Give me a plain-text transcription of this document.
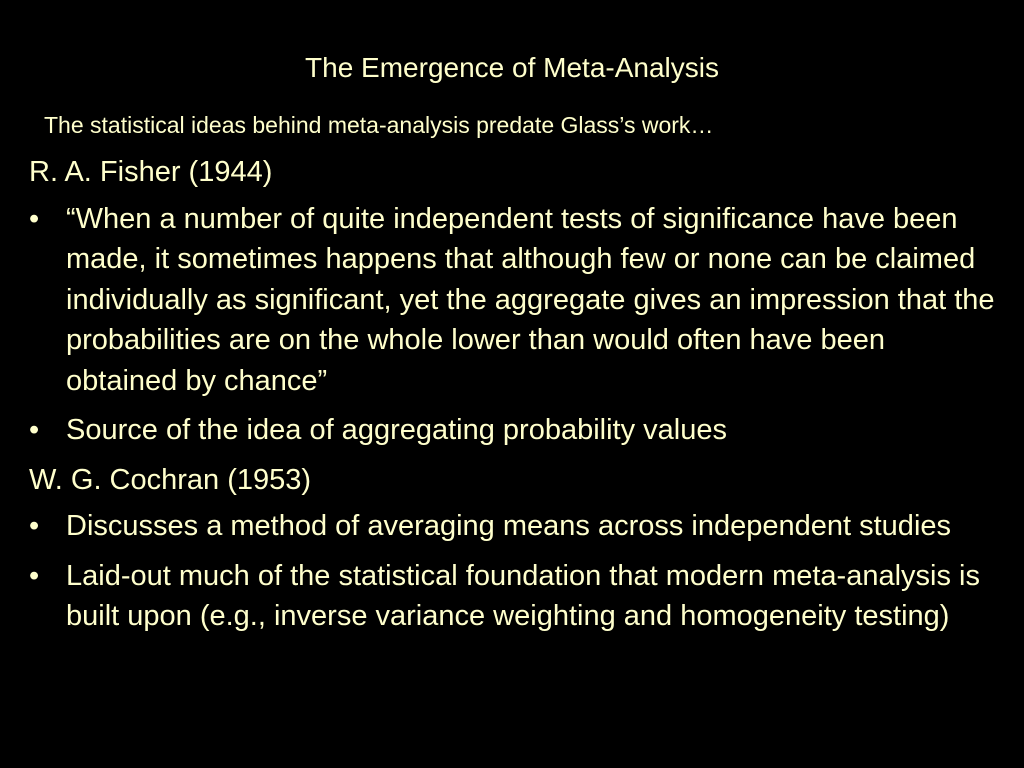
The Emergence of Meta-Analysis

The statistical ideas behind meta-analysis predate Glass’s work…

R. A. Fisher (1944)

• “When a number of quite independent tests of significance have been made, it sometimes happens that although few or none can be claimed individually as significant, yet the aggregate gives an impression that the probabilities are on the whole lower than would often have been obtained by chance”
• Source of the idea of aggregating probability values

W. G. Cochran (1953)

• Discusses a method of averaging means across independent studies
• Laid-out much of the statistical foundation that modern meta-analysis is built upon (e.g., inverse variance weighting and homogeneity testing)
